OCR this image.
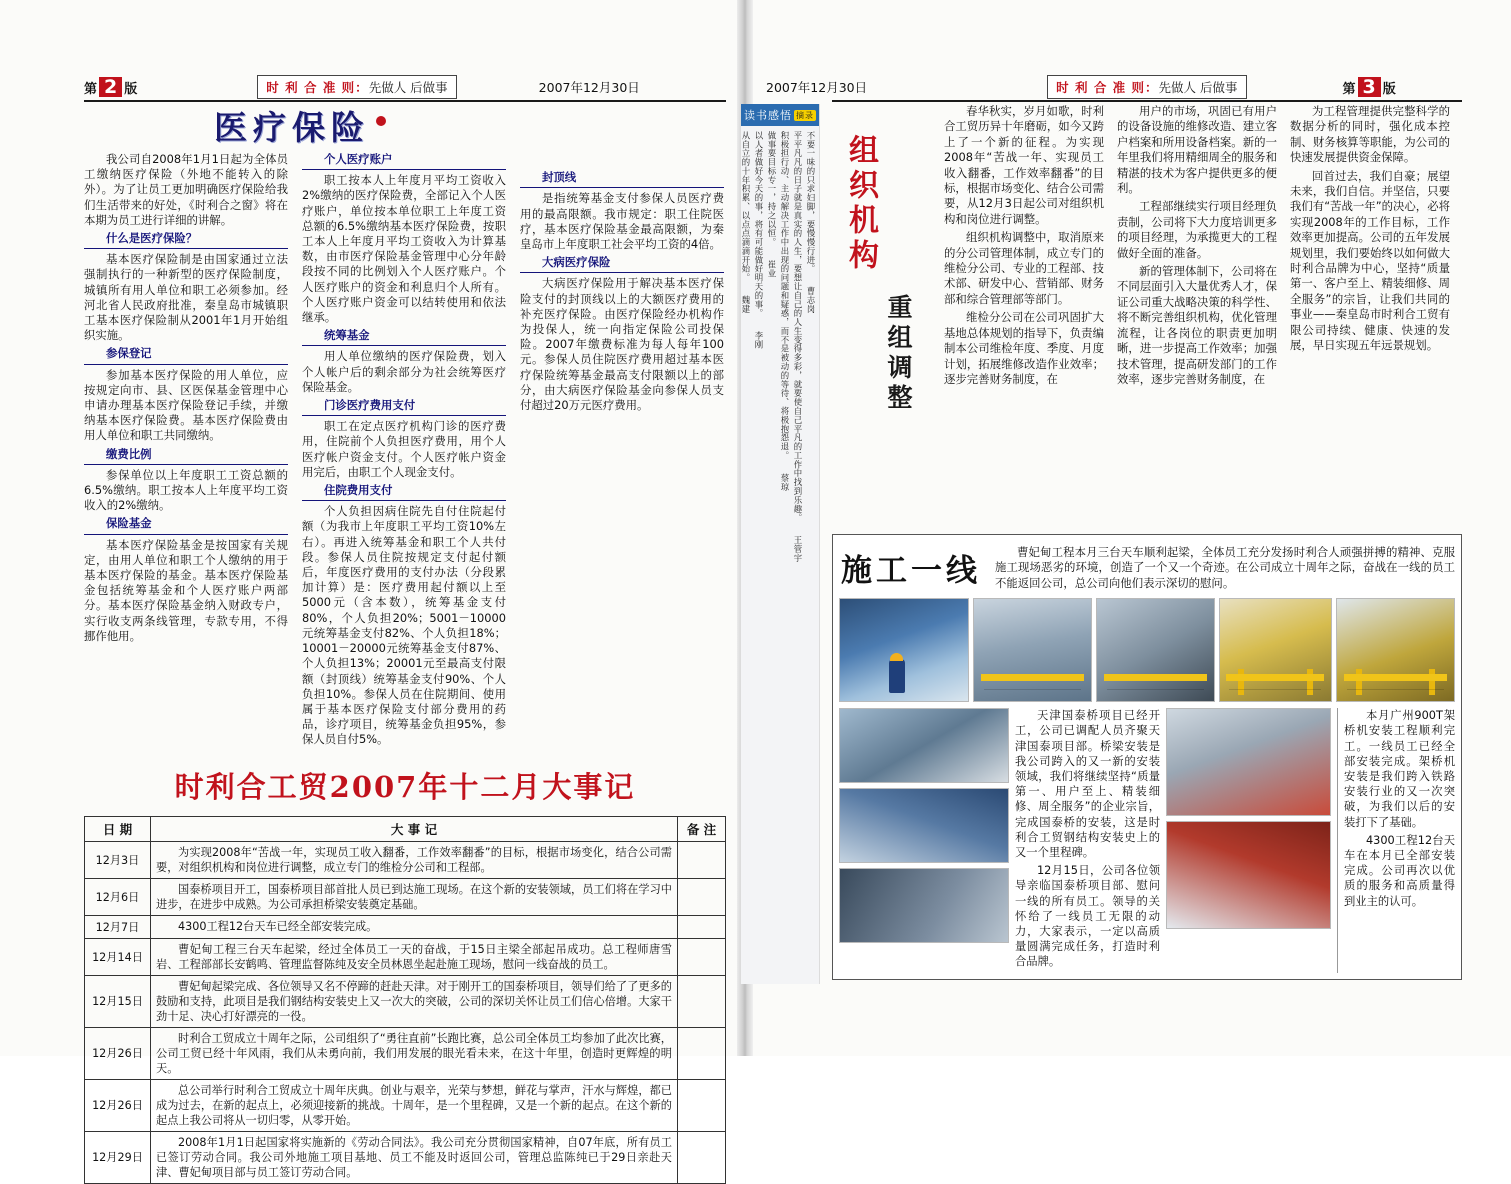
第 2 版	时 利 合 准 则：先做人 后做事	2007年12月30日	2007年12月30日	时 利 合 准 则：先做人 后做事	第 3 版
医疗保险

我公司自2008年1月1日起为全体员工缴纳医疗保险（外地不能转入的除外）。为了让员工更加明确医疗保险给我们生活带来的好处，《时利合之窗》将在本期为员工进行详细的讲解。

什么是医疗保险？

基本医疗保险制是由国家通过立法强制执行的一种新型的医疗保险制度，城镇所有用人单位和职工必须参加。经河北省人民政府批准，秦皇岛市城镇职工基本医疗保险制从2001年1月开始组织实施。

参保登记

参加基本医疗保险的用人单位，应按规定向市、县、区医保基金管理中心申请办理基本医疗保险登记手续，并缴纳基本医疗保险费。基本医疗保险费由用人单位和职工共同缴纳。

缴费比例

参保单位以上年度职工工资总额的6.5%缴纳。职工按本人上年度平均工资收入的2%缴纳。

保险基金

基本医疗保险基金是按国家有关规定，由用人单位和职工个人缴纳的用于基本医疗保险的基金。基本医疗保险基金包括统筹基金和个人医疗账户两部分。基本医疗保险基金纳入财政专户，实行收支两条线管理，专款专用，不得挪作他用。

个人医疗账户

职工按本人上年度月平均工资收入2%缴纳的医疗保险费，全部记入个人医疗账户，单位按本单位职工上年度工资总额的6.5%缴纳基本医疗保险费，按职工本人上年度月平均工资收入为计算基数，由市医疗保险基金管理中心分年龄段按不同的比例划入个人医疗账户。个人医疗账户的资金和利息归个人所有。个人医疗账户资金可以结转使用和依法继承。

统筹基金

用人单位缴纳的医疗保险费，划入个人帐户后的剩余部分为社会统筹医疗保险基金。

门诊医疗费用支付

职工在定点医疗机构门诊的医疗费用，住院前个人负担医疗费用，用个人医疗帐户资金支付。个人医疗帐户资金用完后，由职工个人现金支付。

住院费用支付

个人负担因病住院先自付住院起付额（为我市上年度职工平均工资10%左右）。再进入统筹基金和职工个人共付段。参保人员住院按规定支付起付额后，年度医疗费用的支付办法（分段累加计算）是：医疗费用起付额以上至5000元（含本数），统筹基金支付80%，个人负担20%；5001－10000元统筹基金支付82%、个人负担18%；10001－20000元统筹基金支付87%、个人负担13%；20001元至最高支付限额（封顶线）统筹基金支付90%、个人负担10%。参保人员在住院期间、使用属于基本医疗保险支付部分费用的药品，诊疗项目，统筹基金负担95%，参保人员自付5%。

封顶线

是指统筹基金支付参保人员医疗费用的最高限额。我市规定：职工住院医疗，基本医疗保险基金最高限额，为秦皇岛市上年度职工社会平均工资的4倍。

大病医疗保险

大病医疗保险用于解决基本医疗保险支付的封顶线以上的大额医疗费用的补充医疗保险。由医疗保险经办机构作为投保人，统一向指定保险公司投保险。2007年缴费标准为每人每年100元。参保人员住院医疗费用超过基本医疗保险统筹基金最高支付限额以上的部分，由大病医疗保险基金向参保人员支付超过20万元医疗费用。

时利合工贸2007年十二月大事记
日 期	大 事 记	备 注
12月3日	为实现2008年“苦战一年，实现员工收入翻番，工作效率翻番”的目标，根据市场变化，结合公司需要，对组织机构和岗位进行调整，成立专门的维检分公司和工程部。	
12月6日	国泰桥项目开工，国泰桥项目部首批人员已到达施工现场。在这个新的安装领域，员工们将在学习中进步，在进步中成熟。为公司承担桥梁安装奠定基础。	
12月7日	4300工程12台天车已经全部安装完成。	
12月14日	曹妃甸工程三台天车起梁，经过全体员工一天的奋战，于15日主梁全部起吊成功。总工程师唐雪岩、工程部部长安鹤鸣、管理监督陈纯及安全员林恩坐起赴施工现场，慰问一线奋战的员工。	
12月15日	曹妃甸起梁完成、各位领导又名不停蹄的赶赴天津。对于刚开工的国泰桥项目，领导们给了了更多的鼓励和支持，此项目是我们钢结构安装史上又一次大的突破，公司的深切关怀让员工们信心倍增。大家干劲十足、决心打好漂亮的一役。	
12月26日	时利合工贸成立十周年之际，公司组织了“勇往直前”长跑比赛，总公司全体员工均参加了此次比赛，公司工贸已经十年风雨，我们从未勇向前，我们用发展的眼光看未来，在这十年里，创造时更辉煌的明天。	
12月26日	总公司举行时利合工贸成立十周年庆典。创业与艰辛，光荣与梦想，鲜花与掌声，汗水与辉煌，都已成为过去，在新的起点上，必须迎接新的挑战。十周年，是一个里程碑，又是一个新的起点。在这个新的起点上我公司将从一切归零，从零开始。	
12月29日	2008年1月1日起国家将实施新的《劳动合同法》。我公司充分贯彻国家精神，自07年底，所有员工已签订劳动合同。我公司外地施工项目基地、员工不能及时返回公司，管理总监陈纯已于29日亲赴天津、曹妃甸项目部与员工签订劳动合同。	
读书感悟 摘录
不要一味的只求妇脚，要慢慢行进。　　曹志岗
平平凡凡的日子就是真实的人生，要想让自己的人生变得多彩，就要使自己平凡的工作中找到乐趣。　　王管宇
积极担行动、主动解决工作中出现的问题和疑惑，而不是被动的等待、将极抱怨退。　　蔡琼
做事要目标专一，持之以恒。　　崔业
以人者做好今天的事，将有可能做好明天的事。　　李刚
从自立的十年积累、以点点滴滴开始。　　魏建
组织机构
重组调整

春华秋实，岁月如歌，时利合工贸历异十年磨砺，如今又跨上了一个新的征程。为实现2008年“苦战一年、实现员工收入翻番，工作效率翻番”的目标，根据市场变化、结合公司需要，从12月3日起公司对组织机构和岗位进行调整。

组织机构调整中，取消原来的分公司管理体制，成立专门的维检分公司、专业的工程部、技术部、研发中心、营销部、财务部和综合管理部等部门。

维检分公司在公司巩固扩大基地总体规划的指导下，负责编制本公司维检年度、季度、月度计划，拓展维修改造作业效率；逐步完善财务制度，在

用户的市场，巩固已有用户的设备设施的维修改造、建立客户档案和所用设备档案。新的一年里我们将用精细周全的服务和精湛的技术为客户提供更多的便利。

工程部继续实行项目经理负责制，公司将下大力度培训更多的项目经理，为承揽更大的工程做好全面的准备。

新的管理体制下，公司将在不同层面引入大量优秀人才，保证公司重大战略决策的科学性、将不断完善组织机构，优化管理流程，让各岗位的职责更加明晰，进一步提高工作效率；加强技术管理，提高研发部门的工作效率，逐步完善财务制度，在

为工程管理提供完整科学的数据分析的同时，强化成本控制、财务核算等职能，为公司的快速发展提供资金保障。

回首过去，我们自豪；展望未来，我们自信。并坚信，只要我们有“苦战一年”的决心，必将实现2008年的工作目标，工作效率更加提高。公司的五年发展规划里，我们要始终以如何做大时利合品牌为中心，坚持“质量第一、客户至上、精装细修、周全服务”的宗旨，让我们共同的事业——秦皇岛市时利合工贸有限公司持续、健康、快速的发展，早日实现五年远景规划。

施工一线
曹妃甸工程本月三台天车顺利起梁，全体员工充分发扬时利合人顽强拼搏的精神、克服施工现场恶劣的环境，创造了一个又一个奇迹。在公司成立十周年之际，奋战在一线的员工不能返回公司，总公司向他们表示深切的慰问。

天津国泰桥项目已经开工，公司已调配人员齐聚天津国泰项目部。桥梁安装是我公司跨入的又一新的安装领域，我们将继续坚持“质量第一、用户至上、精装细修、周全服务”的企业宗旨，完成国泰桥的安装，这是时利合工贸钢结构安装史上的又一个里程碑。

12月15日，公司各位领导亲临国泰桥项目部、慰问一线的所有员工。领导的关怀给了一线员工无限的动力，大家表示，一定以高质量圆满完成任务，打造时利合品牌。

本月广州900T架桥机安装工程顺利完工。一线员工已经全部安装完成。架桥机安装是我们跨入铁路安装行业的又一次突破，为我们以后的安装打下了基础。

4300工程12台天车在本月已全部安装完成。公司再次以优质的服务和高质量得到业主的认可。
